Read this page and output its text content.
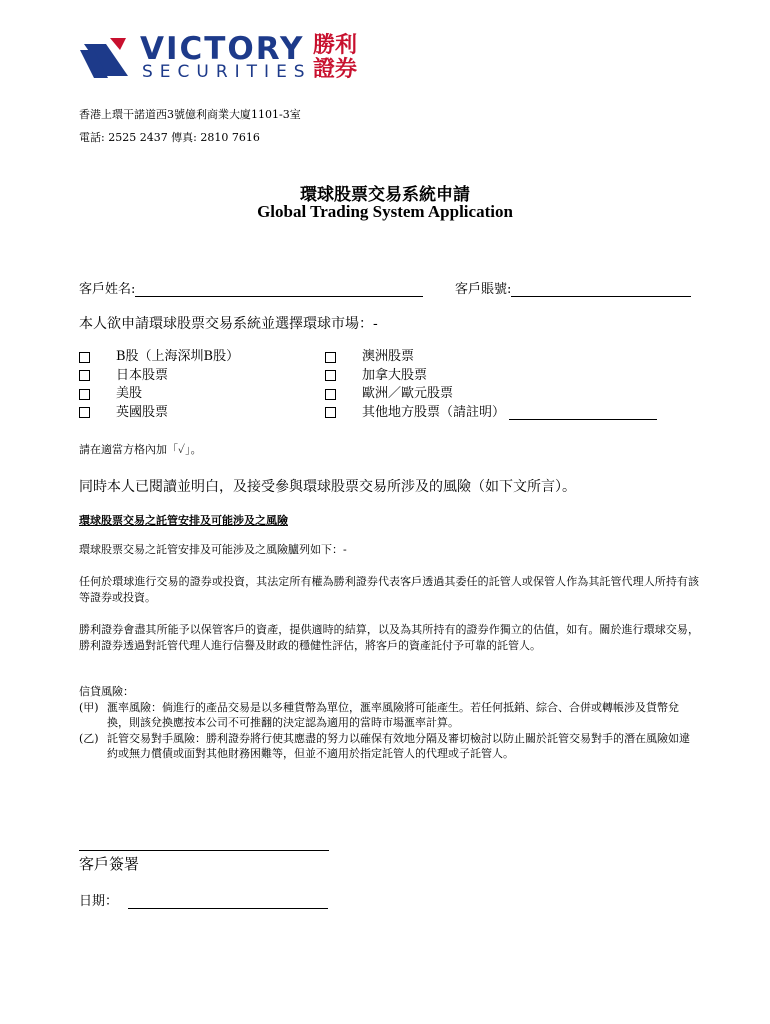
VICTORY
SECURITIES
勝利
證券
香港上環干諾道西3號億利商業大廈1101-3室
電話: 2525 2437 傳真: 2810 7616
環球股票交易系統申請
Global Trading System Application
客戶姓名:	客戶賬號:
本人欲申請環球股票交易系統並選擇環球市場：-
B股（上海深圳B股）
日本股票
美股
英國股票
澳洲股票
加拿大股票
歐洲／歐元股票
其他地方股票（請註明）
請在適當方格內加「✓」。
同時本人已閱讀並明白，及接受參與環球股票交易所涉及的風險（如下文所言）。
環球股票交易之託管安排及可能涉及之風險
環球股票交易之託管安排及可能涉及之風險臚列如下：-
任何於環球進行交易的證券或投資，其法定所有權為勝利證券代表客戶透過其委任的託管人或保管人作為其託管代理人所持有該等證券或投資。
勝利證券會盡其所能予以保管客戶的資產，提供適時的結算，以及為其所持有的證券作獨立的估值，如有。關於進行環球交易，勝利證券透過對託管代理人進行信譽及財政的穩健性評估，將客戶的資產託付予可靠的託管人。
信貸風險：
(甲) 滙率風險：倘進行的產品交易是以多種貨幣為單位，滙率風險將可能產生。若任何抵銷、綜合、合併或轉帳涉及貨幣兌換，則該兌換應按本公司不可推翻的決定認為適用的當時市場滙率計算。
(乙) 託管交易對手風險：勝利證券將行使其應盡的努力以確保有效地分隔及審切檢討以防止關於託管交易對手的潛在風險如違約或無力償債或面對其他財務困難等，但並不適用於指定託管人的代理或子託管人。
客戶簽署
日期：
